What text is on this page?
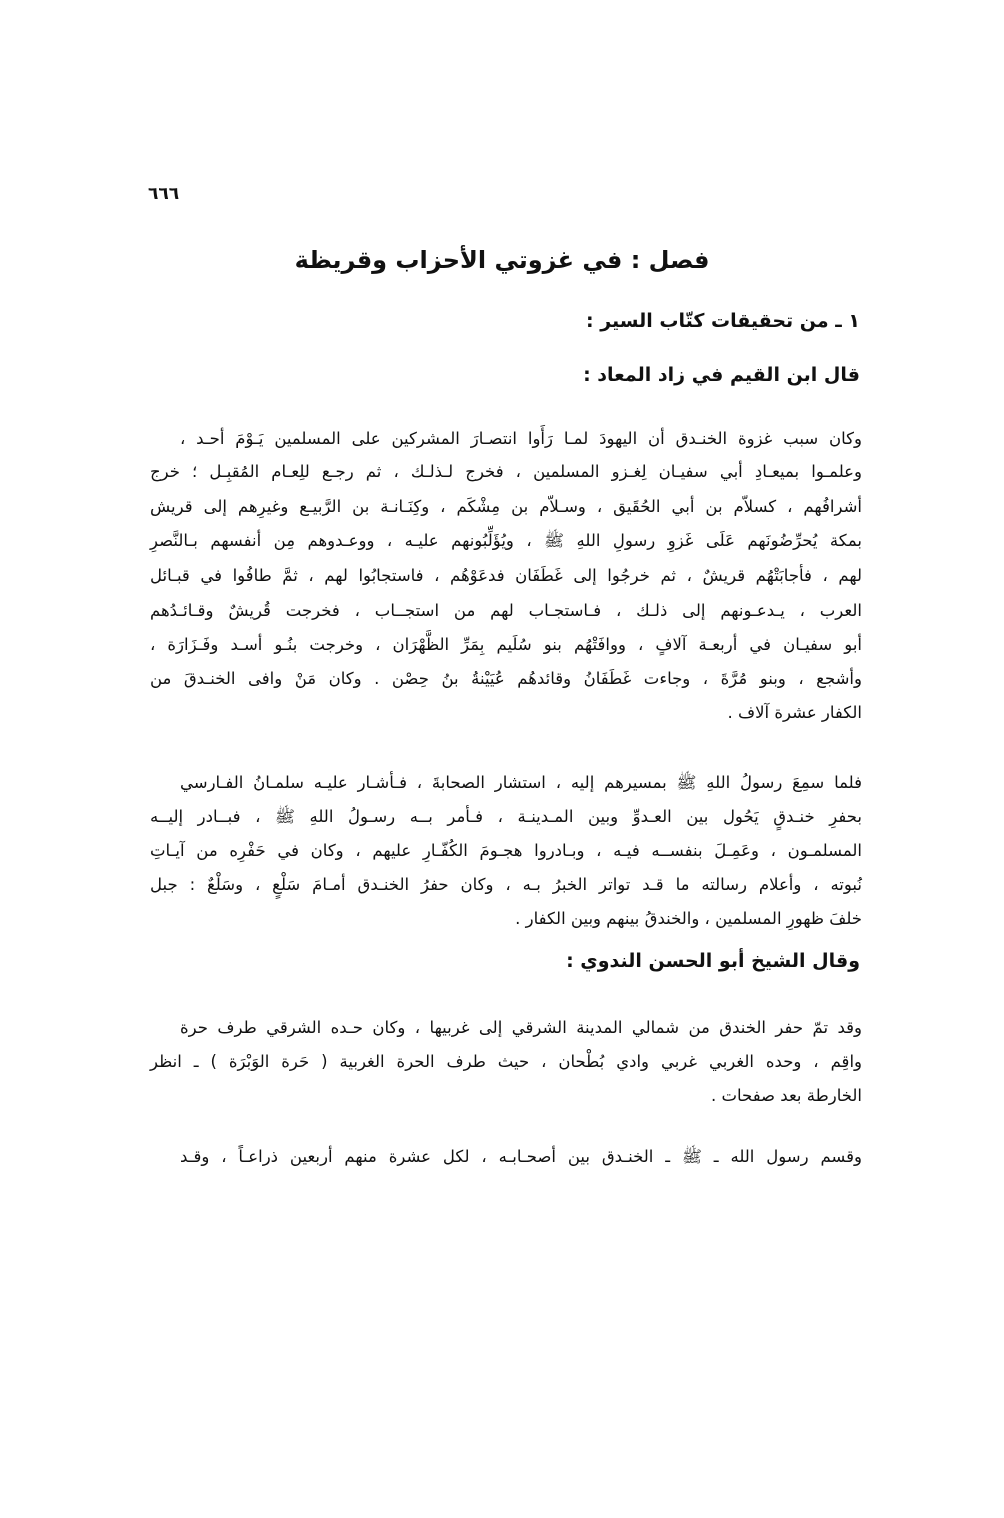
٦٦٦
فصل : في غزوتي الأحزاب وقريظة
١ ـ من تحقيقات كتّاب السير :
قال ابن القيم في زاد المعاد :
وكان سبب غزوة الخنـدق أن اليهودَ لمـا رَأَوا انتصـارَ المشركين على المسلمين يَـوْمَ أحـد ،
وعلمـوا بميعـادِ أبي سفيـان لِغـزو المسلمين ، فخرج لـذلـك ، ثم رجـع للِعـام المُقبِـل ؛ خرج
أشرافُهم ، كسلاّم بن أبي الحُقَيق ، وسـلاّم بن مِشْكَم ، وكِنَـانـة بن الرَّبيـع وغيرِهم إلى قريش
بمكة يُحرِّضُونَهم عَلَى غَزوِ رسولِ اللهِ ﷺ ، ويُؤَلِّبُونهم عليـه ، ووعـدوهم مِن أنفسهم بـالنَّصرِ
لهم ، فأجابَتْهُم قريشٌ ، ثم خرجُوا إلى غَطَفَان فدعَوْهُم ، فاستجابُوا لهم ، ثمَّ طافُوا في قبـائل
العرب ، يـدعـونهم إلى ذلـك ، فـاستجـاب لهم من استجــاب ، فخرجت قُريشٌ وقـائـدُهم
أبو سفيـان في أربعـة آلافٍ ، ووافَتْهُم بنو سُلَيم بِمَرِّ الظَّهْرَان ، وخرجت بنُـو أسـد وفَـزَارَة ،
وأشجع ، وبنو مُرَّةَ ، وجاءت غَطَفَانُ وقائدهُم عُيَيْنةُ بنُ حِصْن . وكان مَنْ وافى الخنـدقَ من
الكفار عشرة آلاف .
فلما سمِعَ رسولُ اللهِ ﷺ بمسيرهم إليه ، استشار الصحابةَ ، فـأشـار عليـه سلمـانُ الفـارسي
بحفرِ خنـدقٍ يَحُول بين العـدوِّ وبين المـدينـة ، فـأمر بــه رسـولُ اللهِ ﷺ ، فبــادر إليــه
المسلمـون ، وعَمِـلَ بنفســه فيـه ، وبـادروا هجـومَ الكُفّـارِ عليهم ، وكان في حَفْرِه من آيـاتِ
نُبوته ، وأعلام رسالته ما قـد تواتر الخبرُ بـه ، وكان حفرُ الخنـدق أمـامَ سَلْعٍ ، وسَلْعٌ : جبل
خلفَ ظهورِ المسلمين ، والخندقُ بينهم وبين الكفار .
وقال الشيخ أبو الحسن الندوي :
وقد تمّ حفر الخندق من شمالي المدينة الشرقي إلى غربيها ، وكان حـده الشرقي طرف حرة
واقِم ، وحده الغربي غربي وادي بُطْحان ، حيث طرف الحرة الغربية ( حَرة الوَبْرَة ) ـ انظر
الخارطة بعد صفحات .
وقسم رسول الله ـ ﷺ ـ الخنـدق بين أصحـابـه ، لكل عشرة منهم أربعين ذراعـاً ، وقـد
